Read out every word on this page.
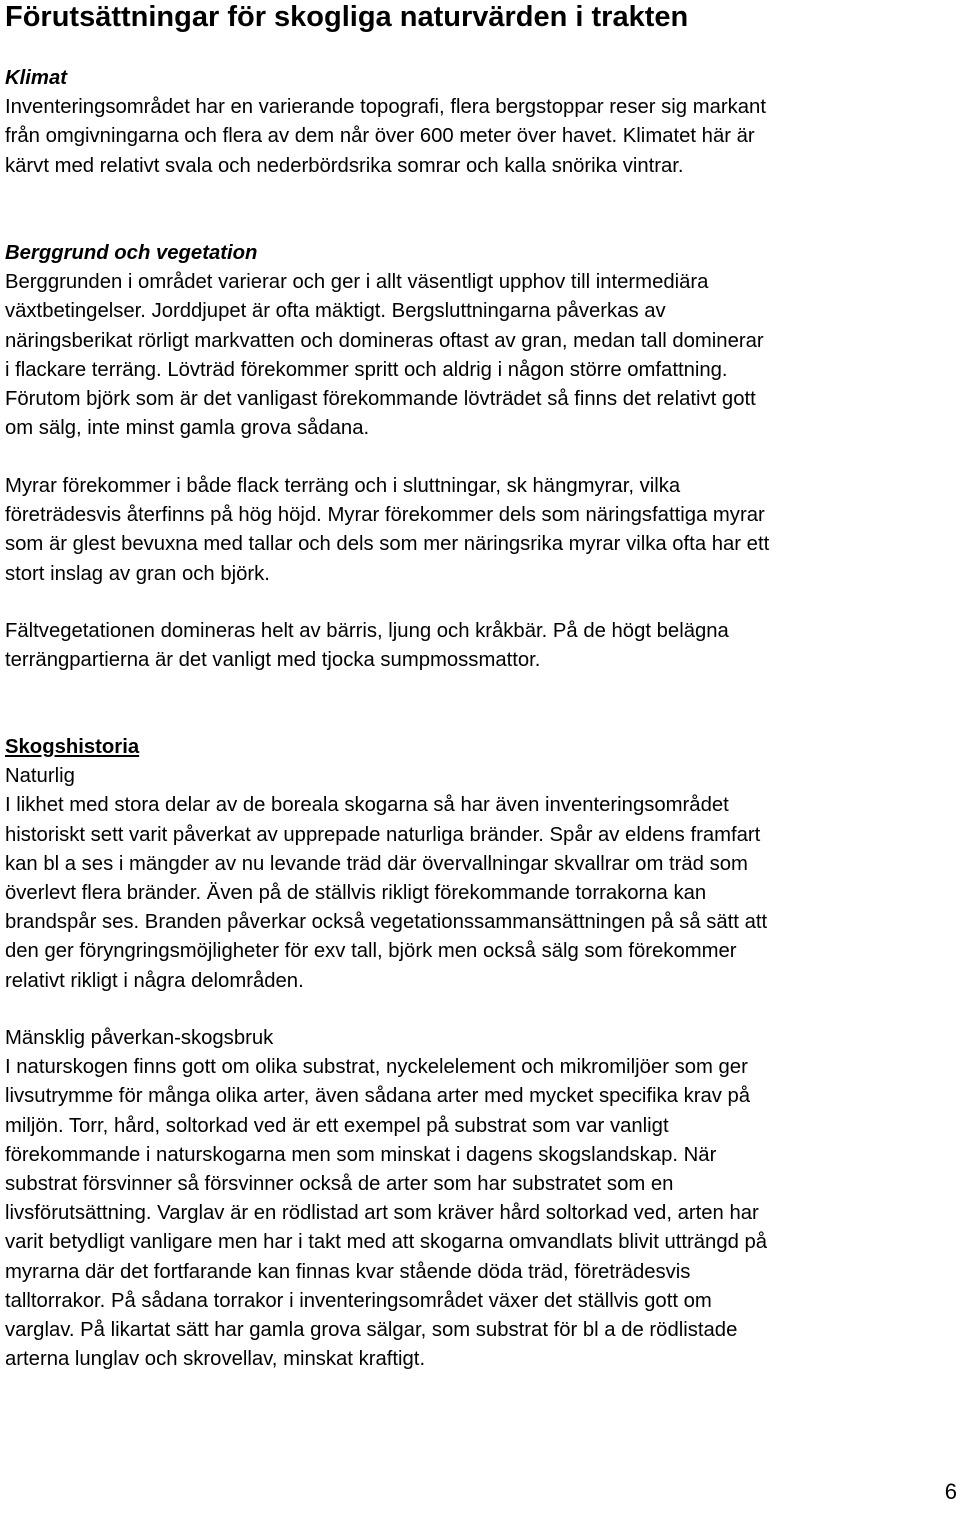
Förutsättningar för skogliga naturvärden i trakten

Klimat

Inventeringsområdet har en varierande topografi, flera bergstoppar reser sig markant

från omgivningarna och flera av dem når över 600 meter över havet. Klimatet här är

kärvt med relativt svala och nederbördsrika somrar och kalla snörika vintrar.

Berggrund och vegetation

Berggrunden i området varierar och ger i allt väsentligt upphov till intermediära

växtbetingelser. Jorddjupet är ofta mäktigt. Bergsluttningarna påverkas av

näringsberikat rörligt markvatten och domineras oftast av gran, medan tall dominerar

i flackare terräng. Lövträd förekommer spritt och aldrig i någon större omfattning.

Förutom björk som är det vanligast förekommande lövträdet så finns det relativt gott

om sälg, inte minst gamla grova sådana.

Myrar förekommer i både flack terräng och i sluttningar, sk hängmyrar, vilka

företrädesvis återfinns på hög höjd. Myrar förekommer dels som näringsfattiga myrar

som är glest bevuxna med tallar och dels som mer näringsrika myrar vilka ofta har ett

stort inslag av gran och björk.

Fältvegetationen domineras helt av bärris, ljung och kråkbär. På de högt belägna

terrängpartierna är det vanligt med tjocka sumpmossmattor.

Skogshistoria

Naturlig

I likhet med stora delar av de boreala skogarna så har även inventeringsområdet

historiskt sett varit påverkat av upprepade naturliga bränder. Spår av eldens framfart

kan bl a ses i mängder av nu levande träd där övervallningar skvallrar om träd som

överlevt flera bränder. Även på de ställvis rikligt förekommande torrakorna kan

brandspår ses. Branden påverkar också vegetationssammansättningen på så sätt att

den ger föryngringsmöjligheter för exv tall, björk men också sälg som förekommer

relativt rikligt i några delområden.

Mänsklig påverkan-skogsbruk

I naturskogen finns gott om olika substrat, nyckelelement och mikromiljöer som ger

livsutrymme för många olika arter, även sådana arter med mycket specifika krav på

miljön. Torr, hård, soltorkad ved är ett exempel på substrat som var vanligt

förekommande i naturskogarna men som minskat i dagens skogslandskap. När

substrat försvinner så försvinner också de arter som har substratet som en

livsförutsättning. Varglav är en rödlistad art som kräver hård soltorkad ved, arten har

varit betydligt vanligare men har i takt med att skogarna omvandlats blivit utträngd på

myrarna där det fortfarande kan finnas kvar stående döda träd, företrädesvis

talltorrakor. På sådana torrakor i inventeringsområdet växer det ställvis gott om

varglav. På likartat sätt har gamla grova sälgar, som substrat för bl a de rödlistade

arterna lunglav och skrovellav, minskat kraftigt.

6
